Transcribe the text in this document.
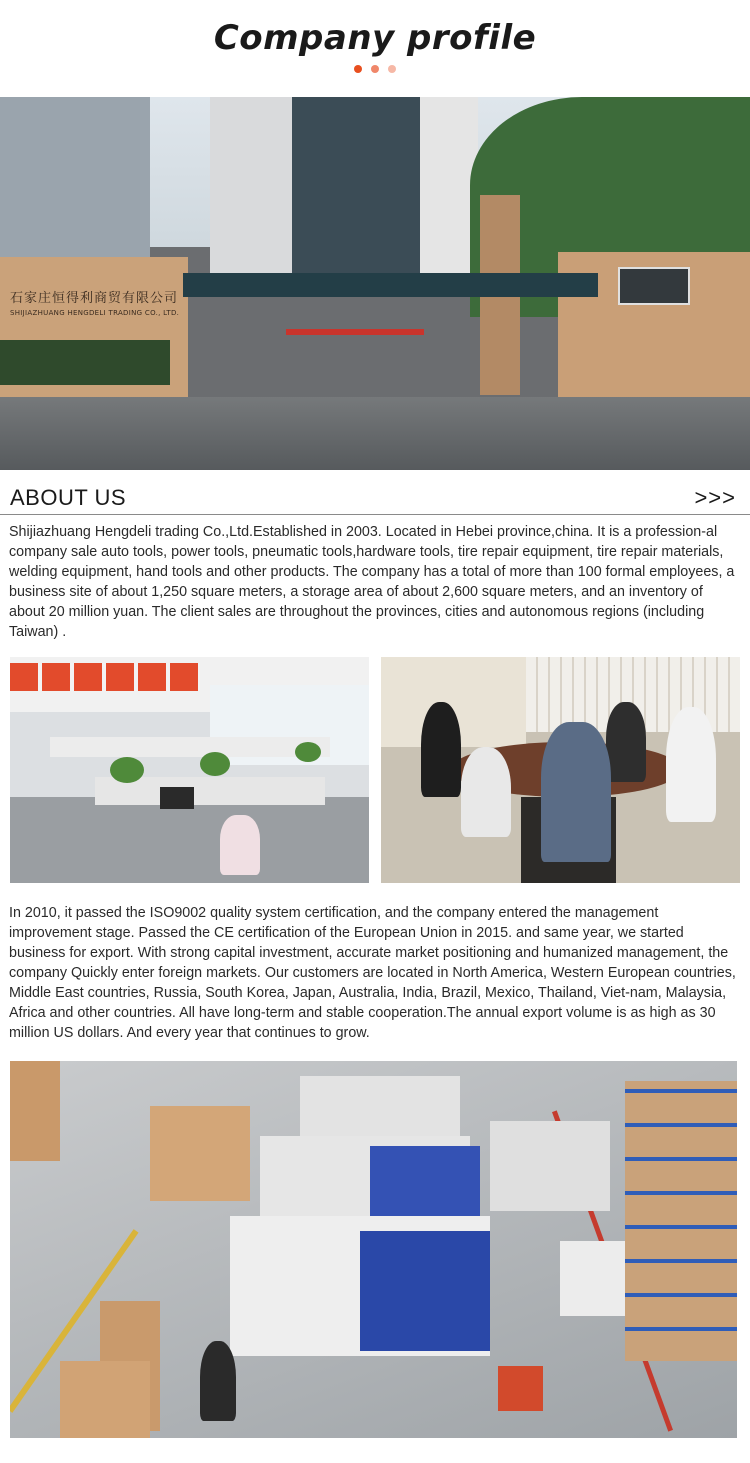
Company profile
石家庄恒得利商贸有限公司
SHIJIAZHUANG HENGDELI TRADING CO., LTD.
ABOUT US	>>>

Shijiazhuang Hengdeli trading Co.,Ltd.Established in 2003. Located in Hebei province,china. It is a profession-al company sale auto tools, power tools, pneumatic tools,hardware tools, tire repair equipment, tire repair materials, welding equipment, hand tools and other products. The company has a total of more than 100 formal employees, a business site of about 1,250 square meters, a storage area of about 2,600 square meters, and an inventory of about 20 million yuan. The client sales are throughout the provinces, cities and autonomous regions (including Taiwan) .

In 2010, it passed the ISO9002 quality system certification, and the company entered the management improvement stage. Passed the CE certification of the European Union in 2015. and same year, we started business for export. With strong capital investment, accurate market positioning and humanized management, the company Quickly enter foreign markets. Our customers are located in North America, Western European countries, Middle East countries, Russia, South Korea, Japan, Australia, India, Brazil, Mexico, Thailand, Viet-nam, Malaysia, Africa and other countries. All have long-term and stable cooperation.The annual export volume is as high as 30 million US dollars. And every year that continues to grow.
